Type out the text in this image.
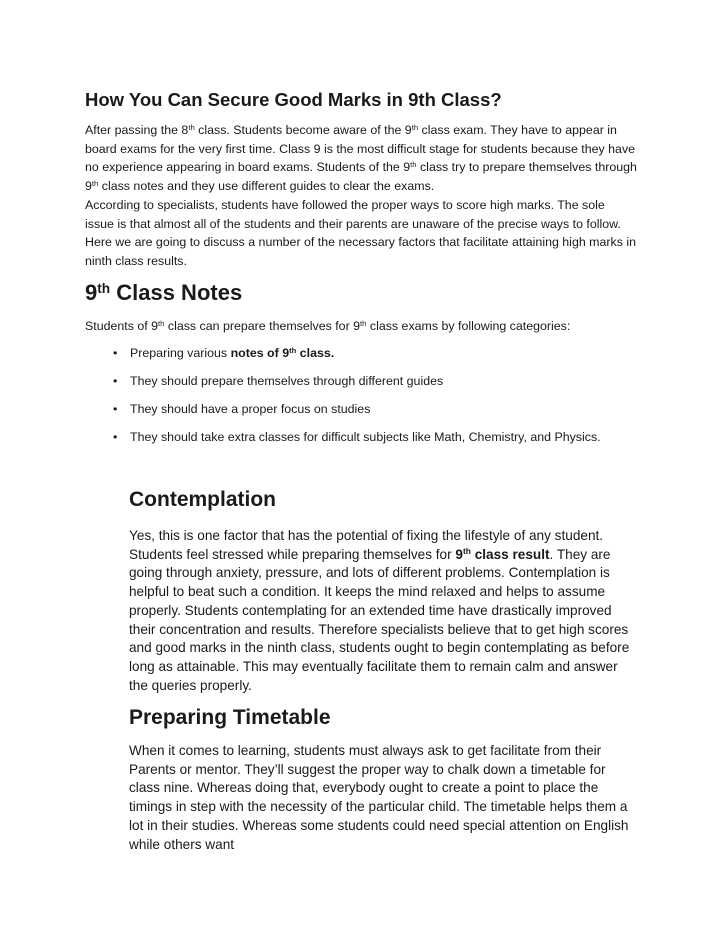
How You Can Secure Good Marks in 9th Class?

After passing the 8th class. Students become aware of the 9th class exam. They have to appear in board exams for the very first time. Class 9 is the most difficult stage for students because they have no experience appearing in board exams. Students of the 9th class try to prepare themselves through 9th class notes and they use different guides to clear the exams.

According to specialists, students have followed the proper ways to score high marks. The sole issue is that almost all of the students and their parents are unaware of the precise ways to follow. Here we are going to discuss a number of the necessary factors that facilitate attaining high marks in ninth class results.

9th Class Notes

Students of 9th class can prepare themselves for 9th class exams by following categories:

• Preparing various notes of 9th class.
• They should prepare themselves through different guides
• They should have a proper focus on studies
• They should take extra classes for difficult subjects like Math, Chemistry, and Physics.
Contemplation

Yes, this is one factor that has the potential of fixing the lifestyle of any student. Students feel stressed while preparing themselves for 9th class result. They are going through anxiety, pressure, and lots of different problems. Contemplation is helpful to beat such a condition. It keeps the mind relaxed and helps to assume properly. Students contemplating for an extended time have drastically improved their concentration and results. Therefore specialists believe that to get high scores and good marks in the ninth class, students ought to begin contemplating as before long as attainable. This may eventually facilitate them to remain calm and answer the queries properly.

Preparing Timetable

When it comes to learning, students must always ask to get facilitate from their Parents or mentor. They’ll suggest the proper way to chalk down a timetable for class nine. Whereas doing that, everybody ought to create a point to place the timings in step with the necessity of the particular child. The timetable helps them a lot in their studies. Whereas some students could need special attention on English while others want
